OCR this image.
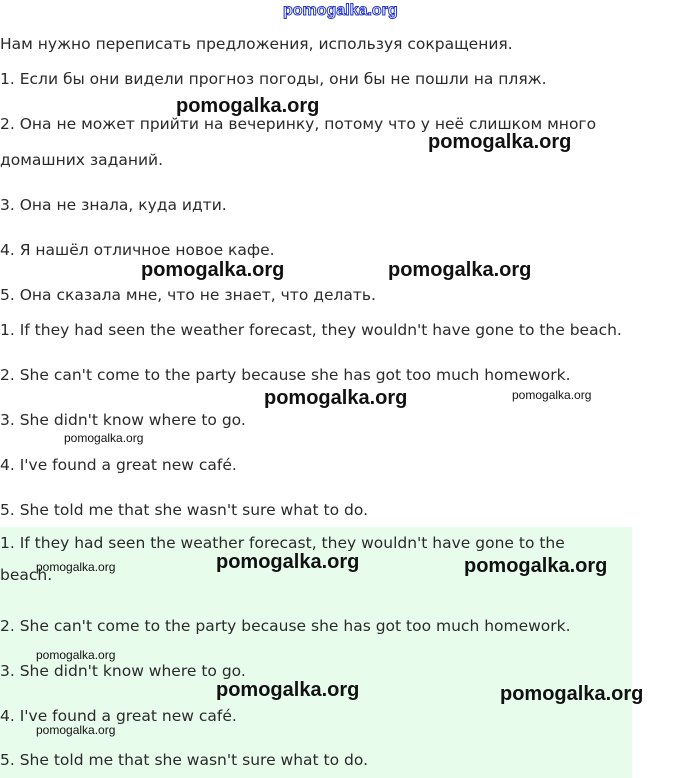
pomogalka.org

Нам нужно переписать предложения, используя сокращения.

1. Если бы они видели прогноз погоды, они бы не пошли на пляж.

2. Она не может прийти на вечеринку, потому что у неё слишком много домашних заданий.

3. Она не знала, куда идти.

4. Я нашёл отличное новое кафе.

5. Она сказала мне, что не знает, что делать.

1. If they had seen the weather forecast, they wouldn't have gone to the beach.

2. She can't come to the party because she has got too much homework.

3. She didn't know where to go.

4. I've found a great new café.

5. She told me that she wasn't sure what to do.

1. If they had seen the weather forecast, they wouldn't have gone to the beach.

2. She can't come to the party because she has got too much homework.

3. She didn't know where to go.

4. I've found a great new café.

5. She told me that she wasn't sure what to do.

pomogalka.org
pomogalka.org
pomogalka.org	pomogalka.org
pomogalka.org	pomogalka.org
pomogalka.org
pomogalka.org	pomogalka.org	pomogalka.org
pomogalka.org
pomogalka.org	pomogalka.org
pomogalka.org
